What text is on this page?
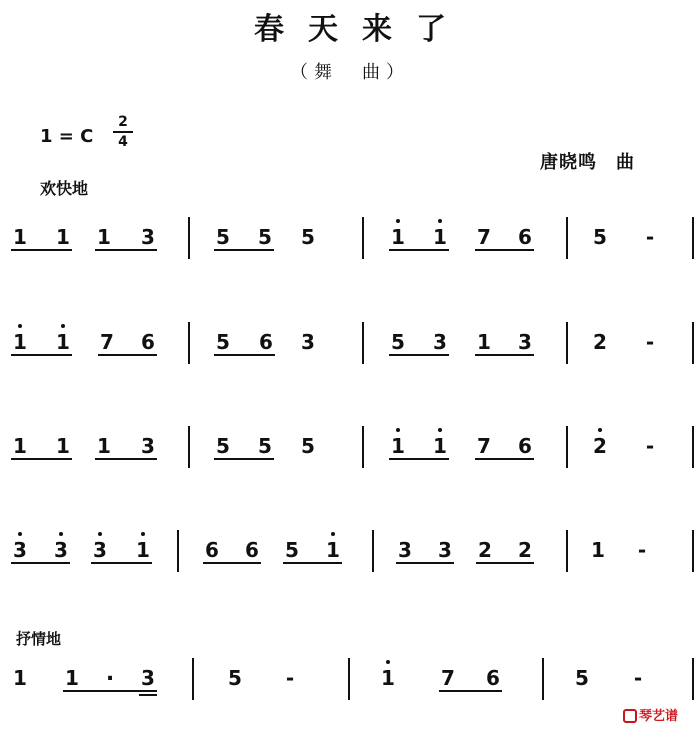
春天来了
（舞　曲）
1 = C
2
4
唐晓鸣　曲
欢快地
抒情地
1 1 1 3	5 5 5	1 1 7 6	5 -
1 1 7 6	5 6 3	5 3 1 3	2 -
1 1 1 3	5 5 5	1 1 7 6	2 -
3 3 3 1	6 6 5 1	3 3 2 2	1 -
1 1 . 3	5 -	1 7 6	5 -
琴艺谱
